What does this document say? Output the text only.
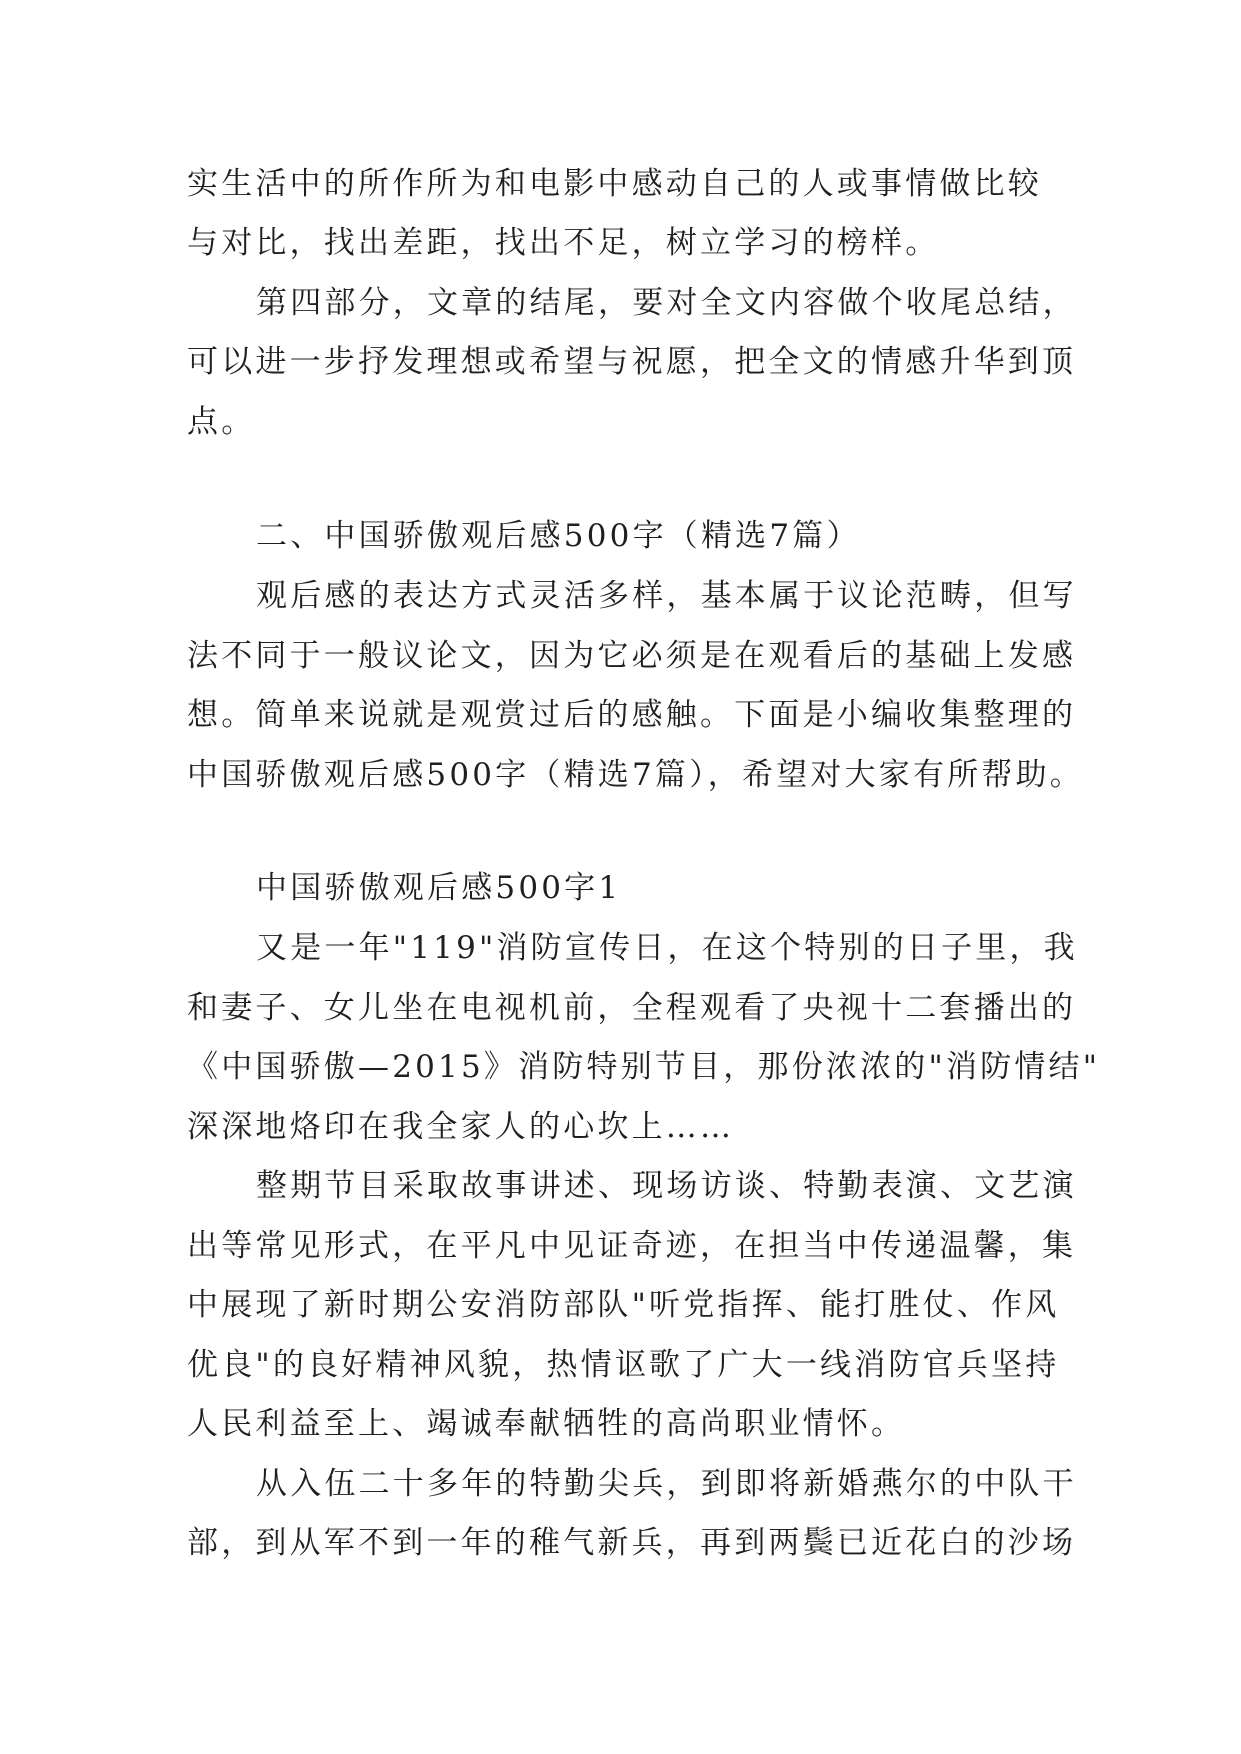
实生活中的所作所为和电影中感动自己的人或事情做比较
与对比，找出差距，找出不足，树立学习的榜样。
第四部分，文章的结尾，要对全文内容做个收尾总结，
可以进一步抒发理想或希望与祝愿，把全文的情感升华到顶
点。
二、中国骄傲观后感500字（精选7篇）
观后感的表达方式灵活多样，基本属于议论范畴，但写
法不同于一般议论文，因为它必须是在观看后的基础上发感
想。简单来说就是观赏过后的感触。下面是小编收集整理的
中国骄傲观后感500字（精选7篇），希望对大家有所帮助。
中国骄傲观后感500字1
又是一年"119"消防宣传日，在这个特别的日子里，我
和妻子、女儿坐在电视机前，全程观看了央视十二套播出的
《中国骄傲—2015》消防特别节目，那份浓浓的"消防情结"
深深地烙印在我全家人的心坎上……
整期节目采取故事讲述、现场访谈、特勤表演、文艺演
出等常见形式，在平凡中见证奇迹，在担当中传递温馨，集
中展现了新时期公安消防部队"听党指挥、能打胜仗、作风
优良"的良好精神风貌，热情讴歌了广大一线消防官兵坚持
人民利益至上、竭诚奉献牺牲的高尚职业情怀。
从入伍二十多年的特勤尖兵，到即将新婚燕尔的中队干
部，到从军不到一年的稚气新兵，再到两鬓已近花白的沙场
